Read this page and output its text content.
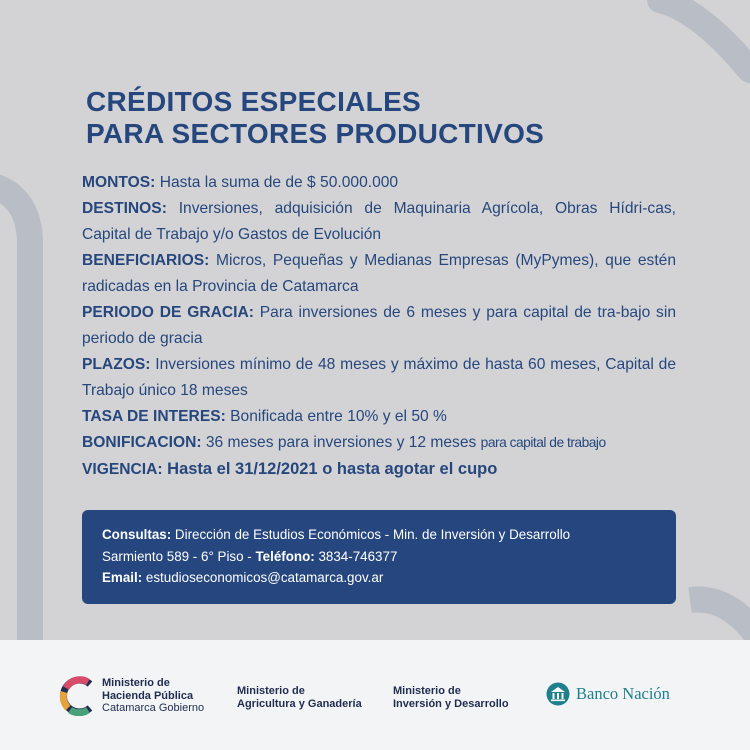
CRÉDITOS ESPECIALES
PARA SECTORES PRODUCTIVOS

MONTOS: Hasta la suma de de $ 50.000.000

DESTINOS: Inversiones, adquisición de Maquinaria Agrícola, Obras Hídri-cas, Capital de Trabajo y/o Gastos de Evolución

BENEFICIARIOS: Micros, Pequeñas y Medianas Empresas (MyPymes), que estén radicadas en la Provincia de Catamarca

PERIODO DE GRACIA: Para inversiones de 6 meses y para capital de tra-bajo sin periodo de gracia

PLAZOS: Inversiones mínimo de 48 meses y máximo de hasta 60 meses, Capital de Trabajo único 18 meses

TASA DE INTERES: Bonificada entre 10% y el 50 %

BONIFICACION: 36 meses para inversiones y 12 meses para capital de trabajo

VIGENCIA: Hasta el 31/12/2021 o hasta agotar el cupo

Consultas: Dirección de Estudios Económicos - Min. de Inversión y Desarrollo

Sarmiento 589 - 6° Piso - Teléfono: 3834-746377

Email: estudioseconomicos@catamarca.gov.ar

Ministerio de
Hacienda Pública
Catamarca Gobierno
Ministerio de
Agricultura y Ganadería
Ministerio de
Inversión y Desarrollo
Banco Nación
